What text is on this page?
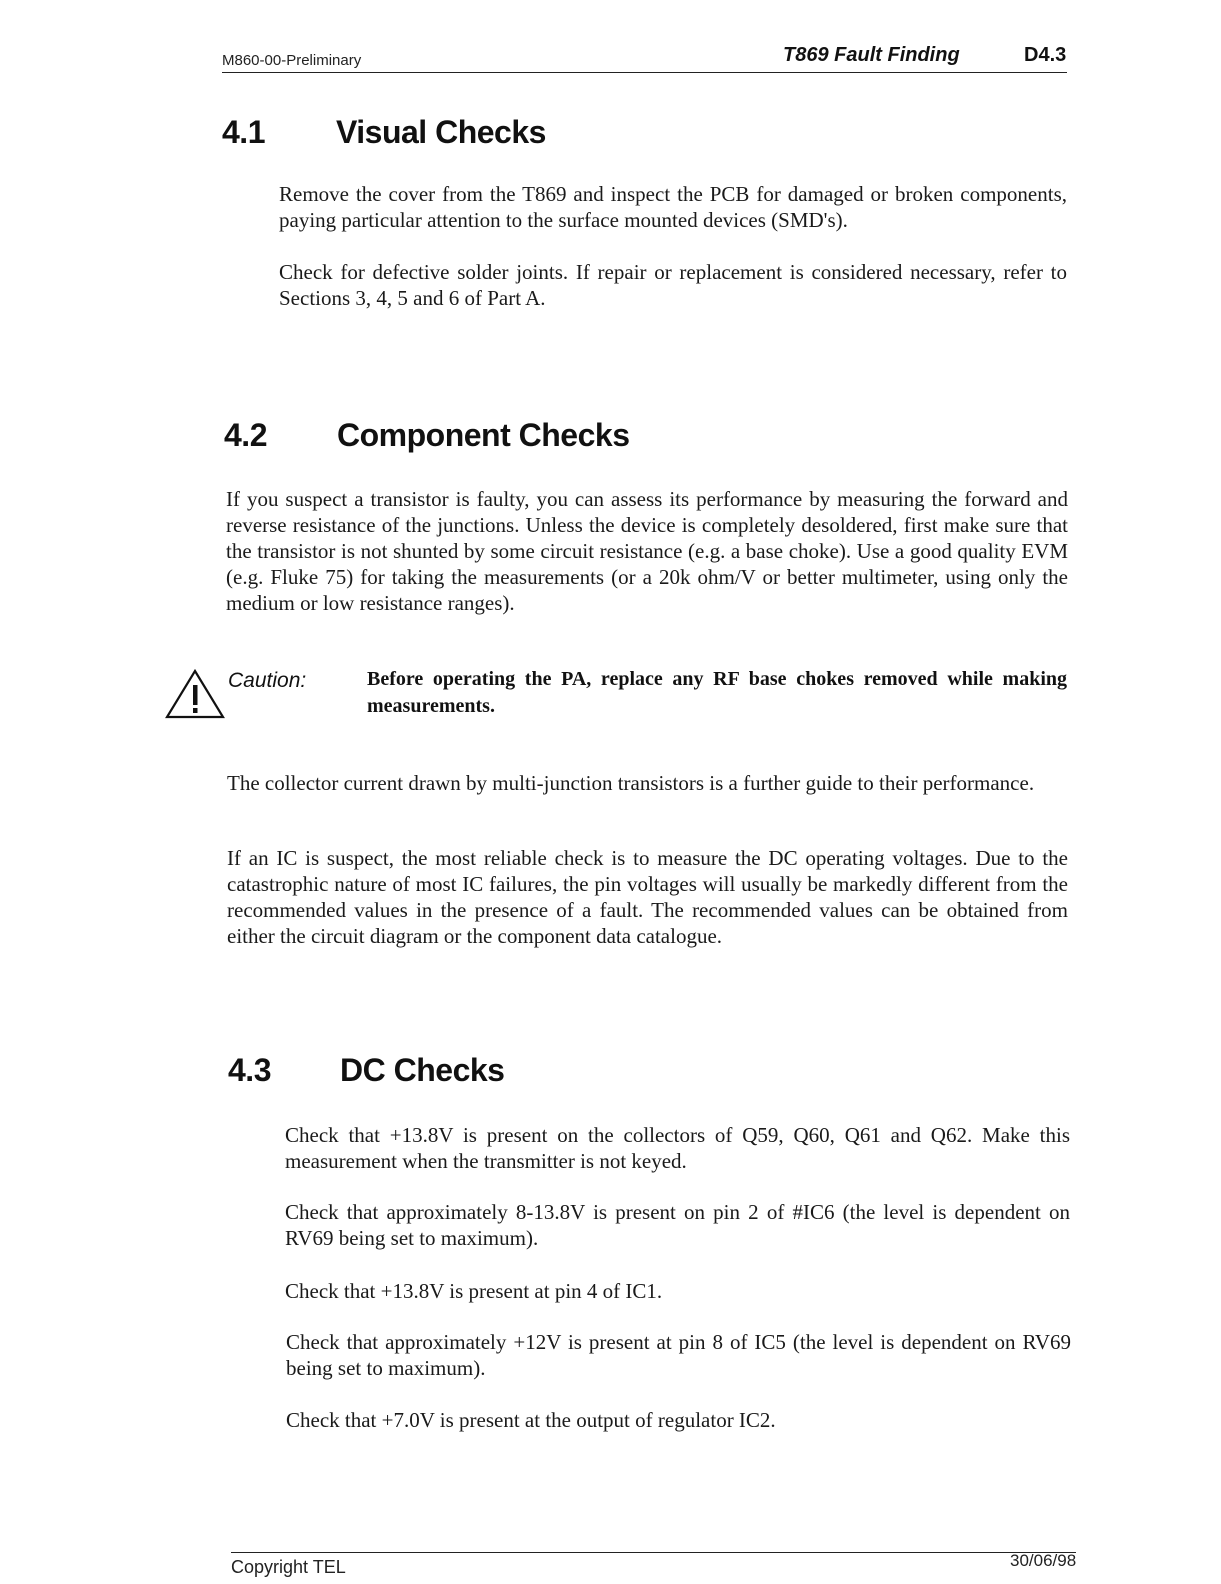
M860-00-Preliminary	T869 Fault Finding	D4.3
4.1 Visual Checks

Remove the cover from the T869 and inspect the PCB for damaged or broken components, paying particular attention to the surface mounted devices (SMD's).

Check for defective solder joints. If repair or replacement is considered necessary, refer to Sections 3, 4, 5 and 6 of Part A.

4.2 Component Checks

If you suspect a transistor is faulty, you can assess its performance by measuring the forward and reverse resistance of the junctions. Unless the device is completely desoldered, first make sure that the transistor is not shunted by some circuit resistance (e.g. a base choke). Use a good quality EVM (e.g. Fluke 75) for taking the measurements (or a 20k ohm/V or better multimeter, using only the medium or low resistance ranges).

Caution:	Before operating the PA, replace any RF base chokes removed while making measurements.

The collector current drawn by multi-junction transistors is a further guide to their performance.

If an IC is suspect, the most reliable check is to measure the DC operating voltages. Due to the catastrophic nature of most IC failures, the pin voltages will usually be markedly different from the recommended values in the presence of a fault. The recommended values can be obtained from either the circuit diagram or the component data catalogue.

4.3 DC Checks

Check that +13.8V is present on the collectors of Q59, Q60, Q61 and Q62. Make this measurement when the transmitter is not keyed.

Check that approximately 8-13.8V is present on pin 2 of #IC6 (the level is dependent on RV69 being set to maximum).

Check that +13.8V is present at pin 4 of IC1.

Check that approximately +12V is present at pin 8 of IC5 (the level is dependent on RV69 being set to maximum).

Check that +7.0V is present at the output of regulator IC2.

Copyright TEL	30/06/98
